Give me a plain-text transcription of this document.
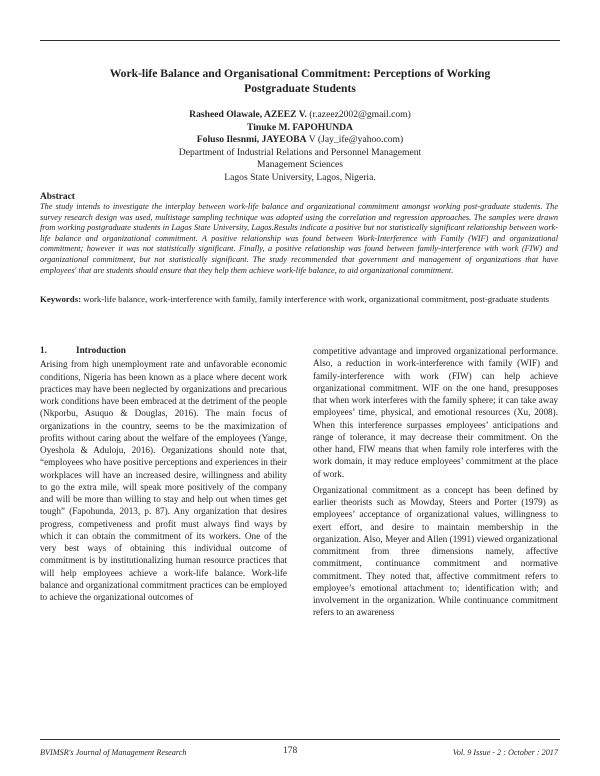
Work-life Balance and Organisational Commitment: Perceptions of Working
Postgraduate Students
Rasheed Olawale, AZEEZ V. (r.azeez2002@gmail.com)
Tinuke M. FAPOHUNDA
Foluso Ilesnmi, JAYEOBA V (Jay_ife@yahoo.com)
Department of Industrial Relations and Personnel Management
Management Sciences
Lagos State University, Lagos, Nigeria.
Abstract
The study intends to investigate the interplay between work-life balance and organizational commitment amongst working post-graduate students. The survey research design was used, multistage sampling technique was adopted using the correlation and regression approaches. The samples were drawn from working postgraduate students in Lagos State University, Lagos.Results indicate a positive but not statistically significant relationship between work-life balance and organizational commitment. A positive relationship was found between Work-Interference with Family (WIF) and organizational commitment; however it was not statistically significant. Finally, a positive relationship was found between family-interference with work (FIW) and organizational commitment, but not statistically significant. The study recommended that government and management of organizations that have employees' that are students should ensure that they help them achieve work-life balance, to aid organizational commitment.
Keywords: work-life balance, work-interference with family, family interference with work, organizational commitment, post-graduate students
1.	Introduction

Arising from high unemployment rate and unfavorable economic conditions, Nigeria has been known as a place where decent work practices may have been neglected by organizations and precarious work conditions have been embraced at the detriment of the people (Nkporbu, Asuquo & Douglas, 2016). The main focus of organizations in the country, seems to be the maximization of profits without caring about the welfare of the employees (Yange, Oyeshola & Aduloju, 2016). Organizations should note that, “employees who have positive perceptions and experiences in their workplaces will have an increased desire, willingness and ability to go the extra mile, will speak more positively of the company and will be more than willing to stay and help out when times get tough” (Fapohunda, 2013, p. 87). Any organization that desires progress, competiveness and profit must always find ways by which it can obtain the commitment of its workers. One of the very best ways of obtaining this individual outcome of commitment is by institutionalizing human resource practices that will help employees achieve a work-life balance. Work-life balance and organizational commitment practices can be employed to achieve the organizational outcomes of

competitive advantage and improved organizational performance. Also, a reduction in work-interference with family (WIF) and family-interference with work (FIW) can help achieve organizational commitment. WIF on the one hand, presupposes that when work interferes with the family sphere; it can take away employees’ time, physical, and emotional resources (Xu, 2008). When this interference surpasses employees’ anticipations and range of tolerance, it may decrease their commitment. On the other hand, FIW means that when family role interferes with the work domain, it may reduce employees’ commitment at the place of work.

Organizational commitment as a concept has been defined by earlier theorists such as Mowday, Steers and Porter (1979) as employees’ acceptance of organizational values, willingness to exert effort, and desire to maintain membership in the organization. Also, Meyer and Allen (1991) viewed organizational commitment from three dimensions namely, affective commitment, continuance commitment and normative commitment. They noted that, affective commitment refers to employee’s emotional attachment to; identification with; and involvement in the organization. While continuance commitment refers to an awareness

BVIMSR's Journal of Management Research	178	Vol. 9 Issue - 2 : October : 2017
